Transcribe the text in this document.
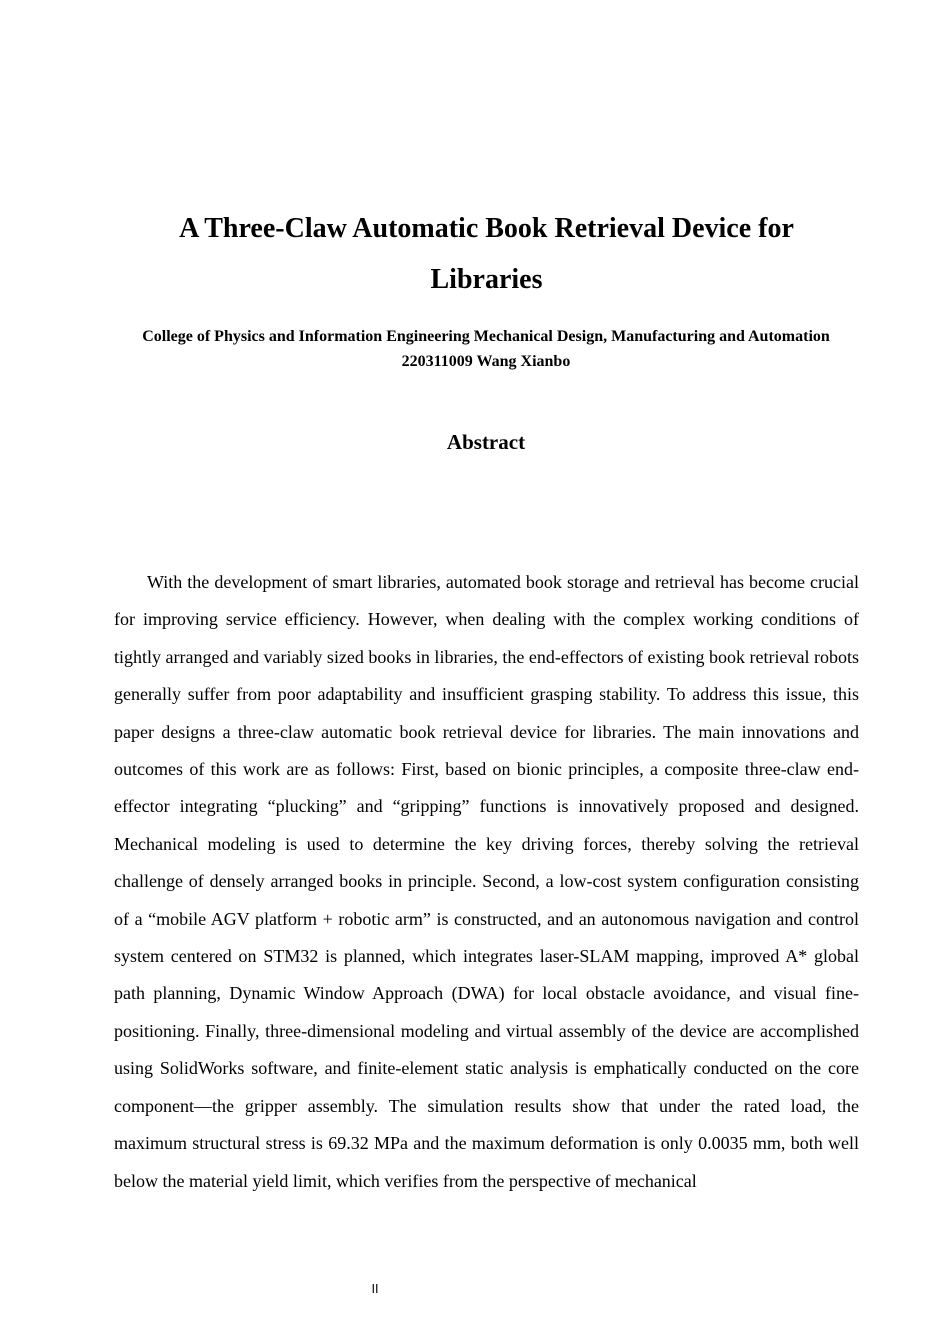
A Three-Claw Automatic Book Retrieval Device for Libraries
College of Physics and Information Engineering Mechanical Design, Manufacturing and Automation
220311009 Wang Xianbo
Abstract

With the development of smart libraries, automated book storage and retrieval has become crucial for improving service efficiency. However, when dealing with the complex working conditions of tightly arranged and variably sized books in libraries, the end-effectors of existing book retrieval robots generally suffer from poor adaptability and insufficient grasping stability. To address this issue, this paper designs a three-claw automatic book retrieval device for libraries. The main innovations and outcomes of this work are as follows: First, based on bionic principles, a composite three-claw end-effector integrating “plucking” and “gripping” functions is innovatively proposed and designed. Mechanical modeling is used to determine the key driving forces, thereby solving the retrieval challenge of densely arranged books in principle. Second, a low-cost system configuration consisting of a “mobile AGV platform + robotic arm” is constructed, and an autonomous navigation and control system centered on STM32 is planned, which integrates laser-SLAM mapping, improved A* global path planning, Dynamic Window Approach (DWA) for local obstacle avoidance, and visual fine-positioning. Finally, three-dimensional modeling and virtual assembly of the device are accomplished using SolidWorks software, and finite-element static analysis is emphatically conducted on the core component—the gripper assembly. The simulation results show that under the rated load, the maximum structural stress is 69.32 MPa and the maximum deformation is only 0.0035 mm, both well below the material yield limit, which verifies from the perspective of mechanical

II
